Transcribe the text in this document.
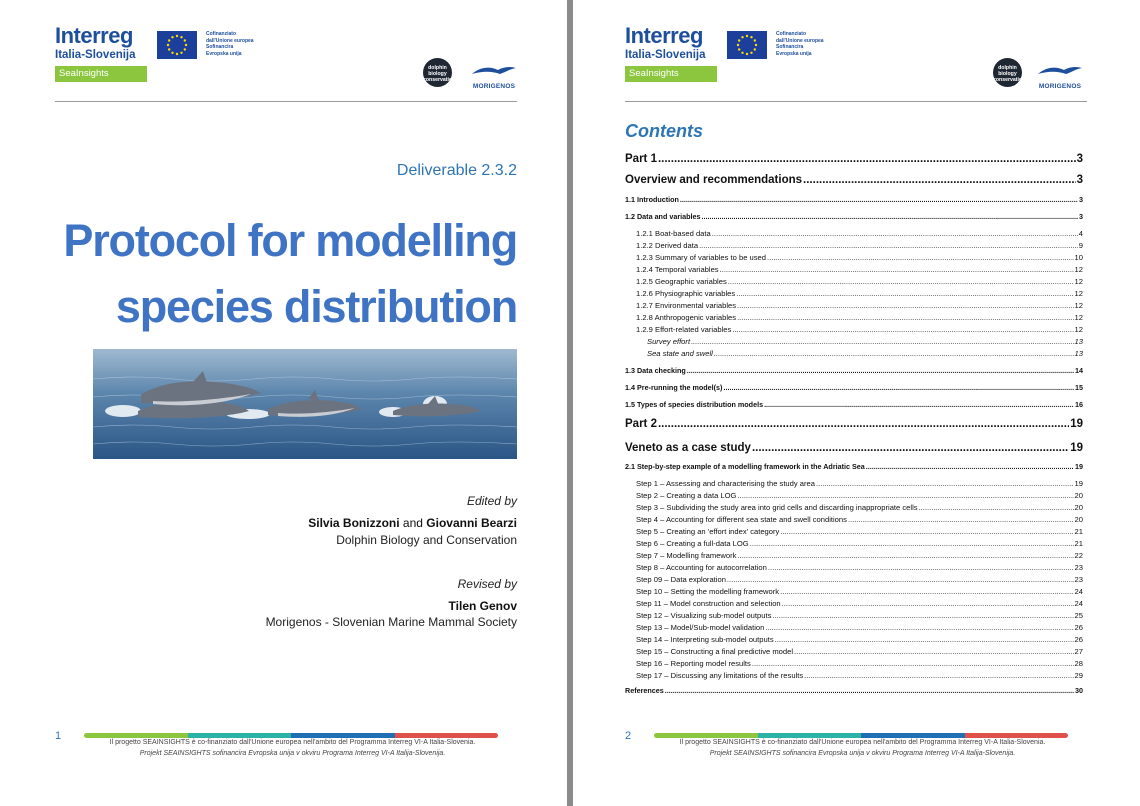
Interreg
Italia-Slovenija
SeaInsights
Cofinanziato
dall'Unione europea
Sofinancira
Evropska unija
dolphin biology conservation
MORIGENOS
Deliverable 2.3.2
Protocol for modelling
species distribution
Edited by
Silvia Bonizzoni and Giovanni Bearzi
Dolphin Biology and Conservation
Revised by
Tilen Genov
Morigenos - Slovenian Marine Mammal Society
1
Il progetto SEAINSIGHTS è co-finanziato dall'Unione europea nell'ambito del Programma Interreg VI-A Italia-Slovenia.
Projekt SEAINSIGHTS sofinancira Evropska unija v okviru Programa Interreg VI-A Italija-Slovenija.
Interreg
Italia-Slovenija
SeaInsights
Cofinanziato
dall'Unione europea
Sofinancira
Evropska unija
dolphin biology conservation
MORIGENOS
Contents
Part 1 .....	3
Overview and recommendations .....	3
1.1 Introduction .....	3
1.2 Data and variables .....	3
1.2.1 Boat-based data .....	4
1.2.2 Derived data .....	9
1.2.3 Summary of variables to be used .....	10
1.2.4 Temporal variables .....	12
1.2.5 Geographic variables .....	12
1.2.6 Physiographic variables .....	12
1.2.7 Environmental variables .....	12
1.2.8 Anthropogenic variables .....	12
1.2.9 Effort-related variables .....	12
Survey effort .....	13
Sea state and swell .....	13
1.3 Data checking .....	14
1.4 Pre-running the model(s) .....	15
1.5 Types of species distribution models .....	16
Part 2 .....	19
Veneto as a case study .....	19
2.1 Step-by-step example of a modelling framework in the Adriatic Sea .....	19
Step 1 – Assessing and characterising the study area .....	19
Step 2 – Creating a data LOG .....	20
Step 3 – Subdividing the study area into grid cells and discarding inappropriate cells .....	20
Step 4 – Accounting for different sea state and swell conditions .....	20
Step 5 – Creating an 'effort index' category .....	21
Step 6 – Creating a full-data LOG .....	21
Step 7 – Modelling framework .....	22
Step 8 – Accounting for autocorrelation .....	23
Step 09 – Data exploration .....	23
Step 10 – Setting the modelling framework .....	24
Step 11 – Model construction and selection .....	24
Step 12 – Visualizing sub-model outputs .....	25
Step 13 – Model/Sub-model validation .....	26
Step 14 – Interpreting sub-model outputs .....	26
Step 15 – Constructing a final predictive model .....	27
Step 16 – Reporting model results .....	28
Step 17 – Discussing any limitations of the results .....	29
References .....	30
2
Il progetto SEAINSIGHTS è co-finanziato dall'Unione europea nell'ambito del Programma Interreg VI-A Italia-Slovenia.
Projekt SEAINSIGHTS sofinancira Evropska unija v okviru Programa Interreg VI-A Italija-Slovenija.
